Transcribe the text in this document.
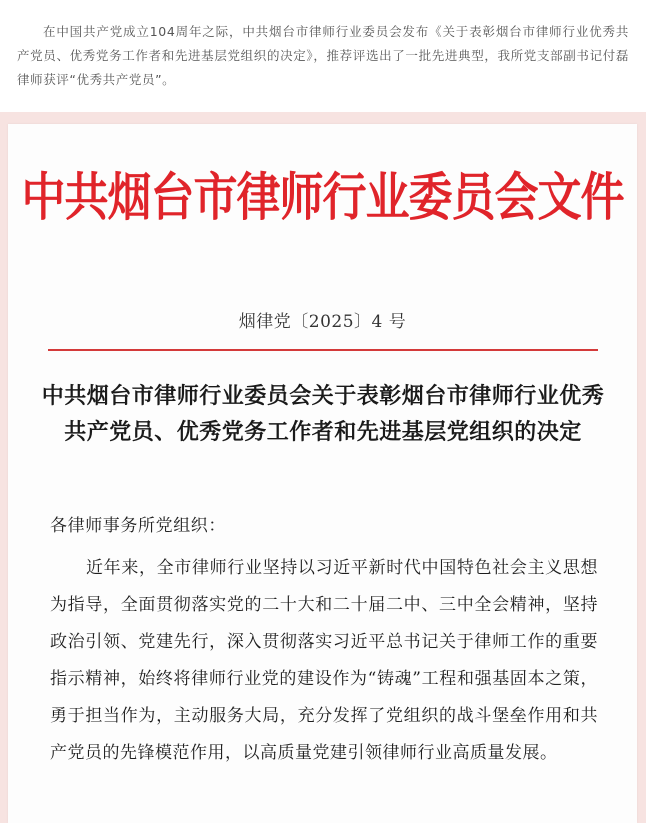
在中国共产党成立104周年之际，中共烟台市律师行业委员会发布《关于表彰烟台市律师行业优秀共产党员、优秀党务工作者和先进基层党组织的决定》，推荐评选出了一批先进典型，我所党支部副书记付磊律师获评“优秀共产党员”。

中共烟台市律师行业委员会文件
烟律党〔2025〕4 号
中共烟台市律师行业委员会关于表彰烟台市律师行业优秀共产党员、优秀党务工作者和先进基层党组织的决定
各律师事务所党组织：
近年来，全市律师行业坚持以习近平新时代中国特色社会主义思想为指导，全面贯彻落实党的二十大和二十届二中、三中全会精神，坚持政治引领、党建先行，深入贯彻落实习近平总书记关于律师工作的重要指示精神，始终将律师行业党的建设作为“铸魂”工程和强基固本之策，勇于担当作为，主动服务大局，充分发挥了党组织的战斗堡垒作用和共产党员的先锋模范作用，以高质量党建引领律师行业高质量发展。
